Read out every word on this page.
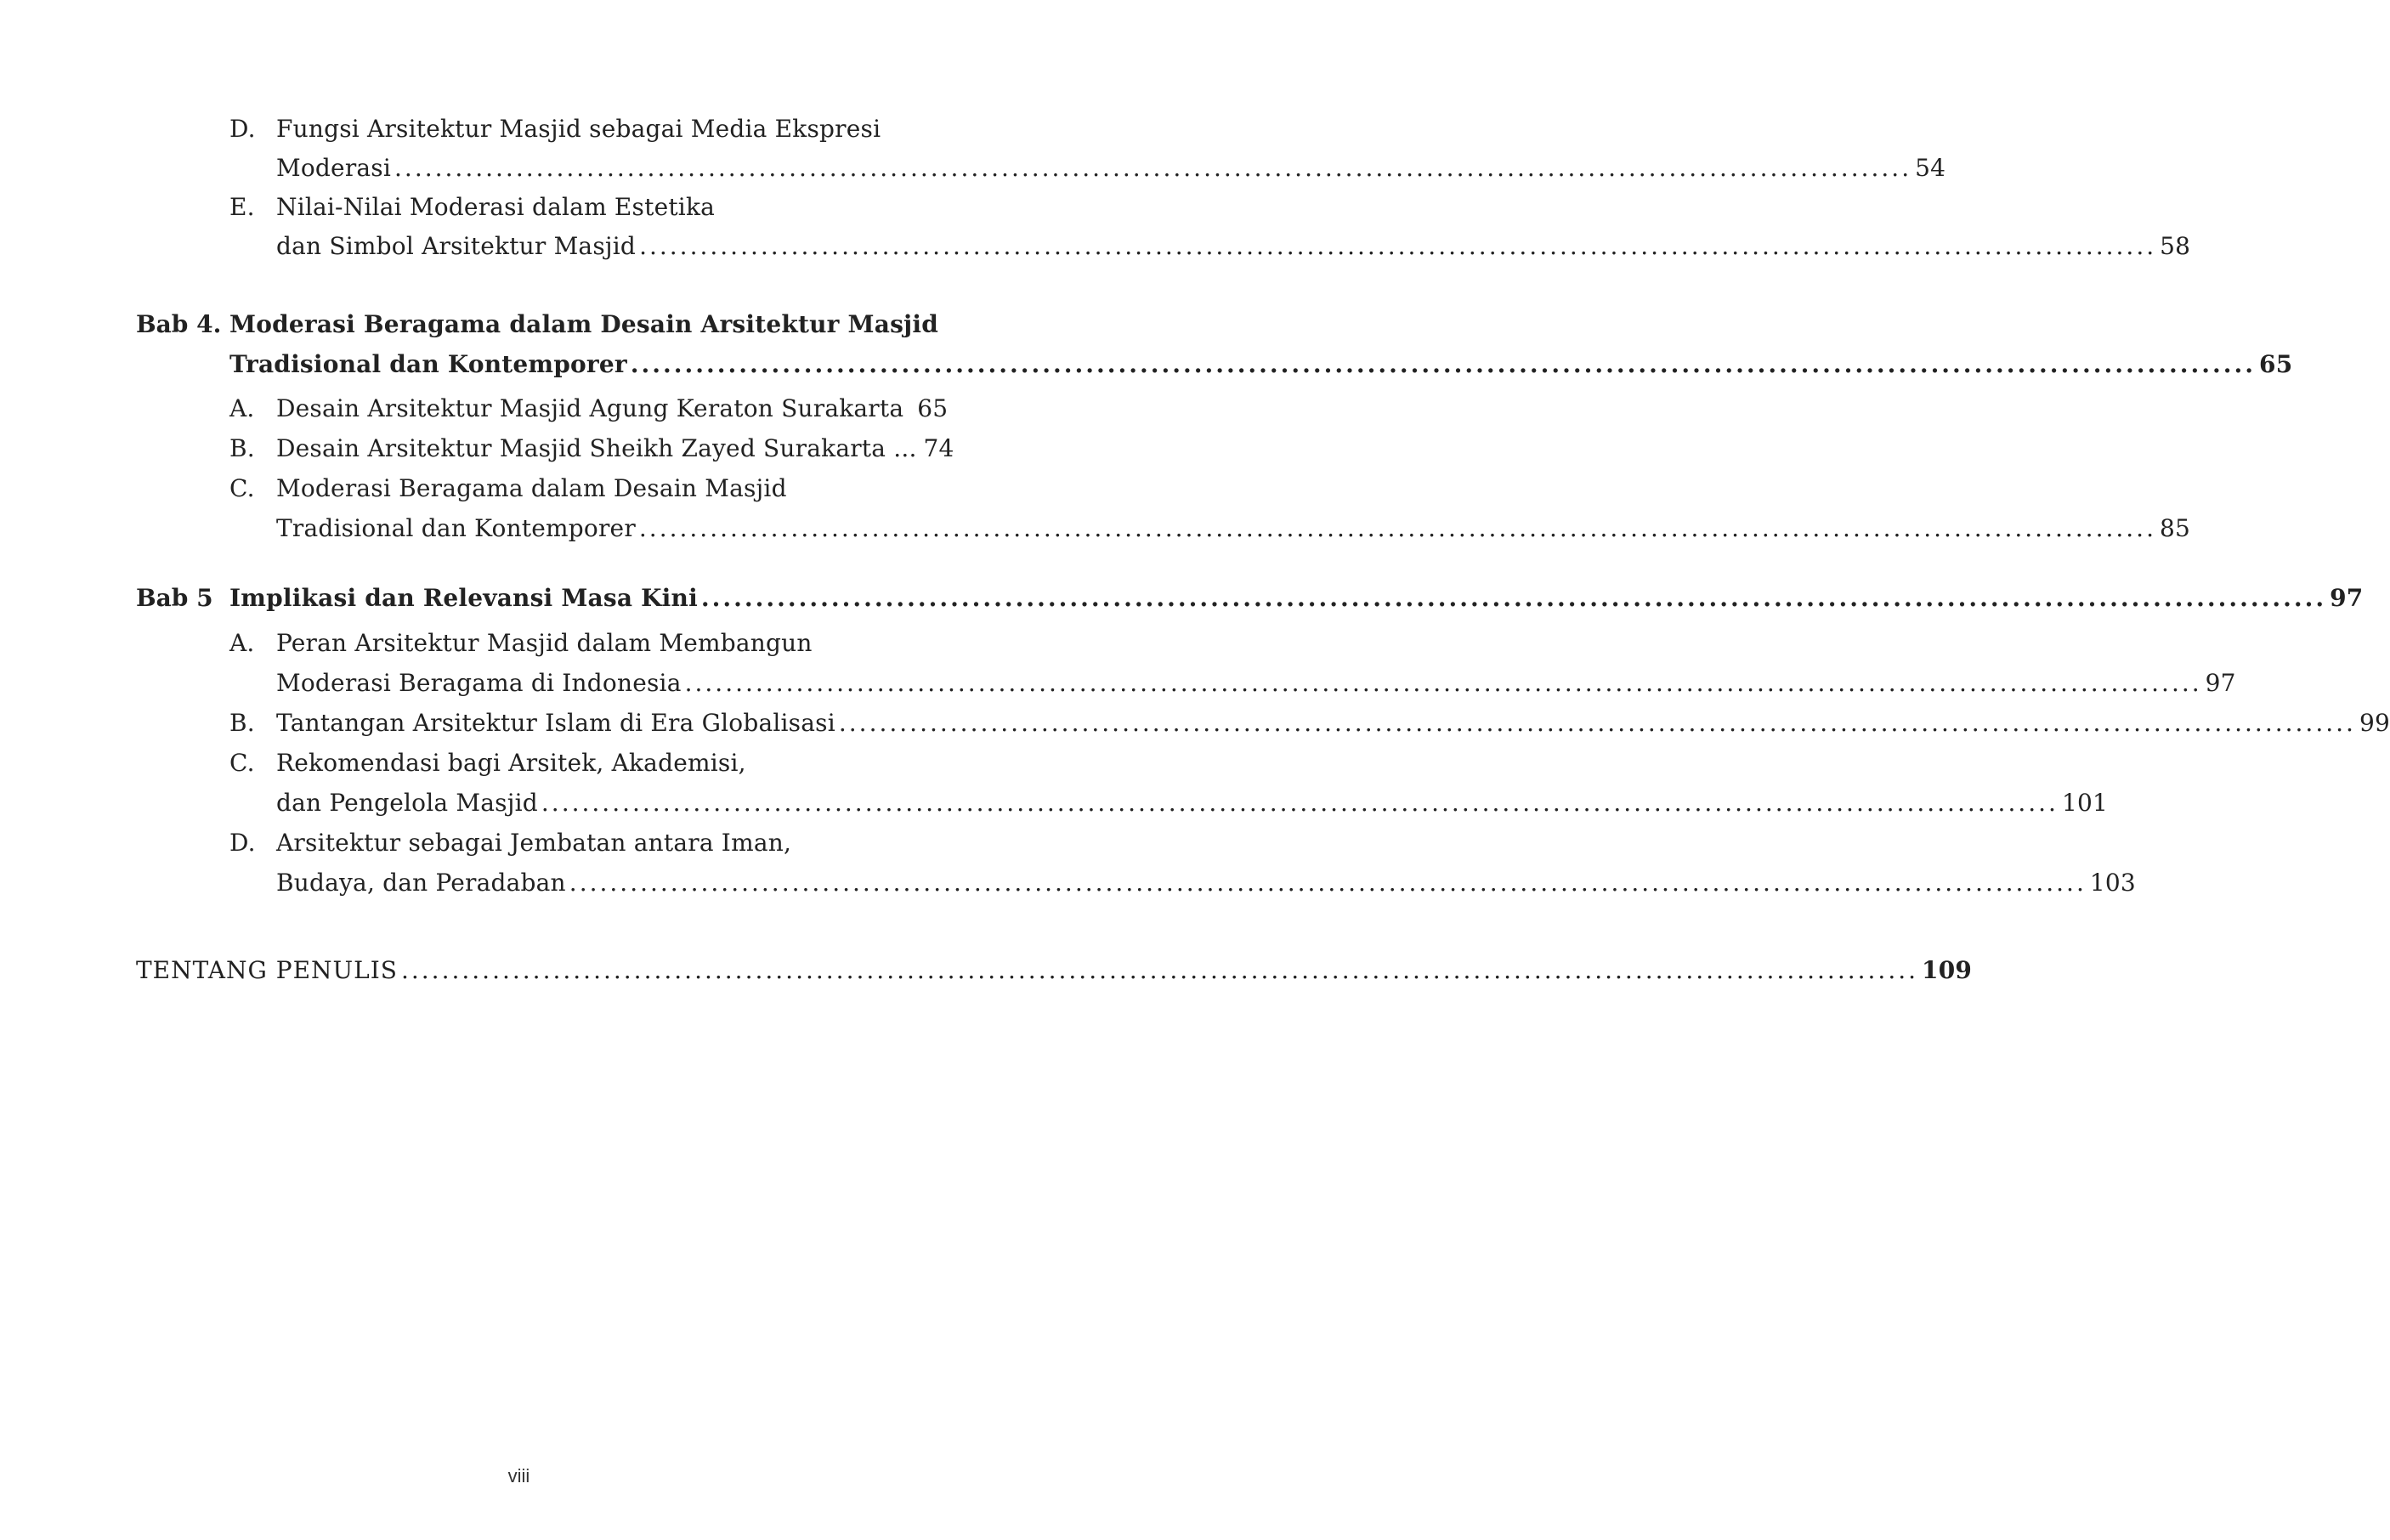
D. Fungsi Arsitektur Masjid sebagai Media Ekspresi
Moderasi ...................................................................................................................................................... 54
E. Nilai-Nilai Moderasi dalam Estetika
dan Simbol Arsitektur Masjid ...................................................................................................................................................... 58
Bab 4. Moderasi Beragama dalam Desain Arsitektur Masjid
Tradisional dan Kontemporer ...................................................................................................................................................... 65
A. Desain Arsitektur Masjid Agung Keraton Surakarta 65
B. Desain Arsitektur Masjid Sheikh Zayed Surakarta ... 74
C. Moderasi Beragama dalam Desain Masjid
Tradisional dan Kontemporer ...................................................................................................................................................... 85
Bab 5 Implikasi dan Relevansi Masa Kini ...................................................................................................................................................... 97
A. Peran Arsitektur Masjid dalam Membangun
Moderasi Beragama di Indonesia ...................................................................................................................................................... 97
B. Tantangan Arsitektur Islam di Era Globalisasi ...................................................................................................................................................... 99
C. Rekomendasi bagi Arsitek, Akademisi,
dan Pengelola Masjid ...................................................................................................................................................... 101
D. Arsitektur sebagai Jembatan antara Iman,
Budaya, dan Peradaban ...................................................................................................................................................... 103
TENTANG PENULIS ...................................................................................................................................................... 109
viii
